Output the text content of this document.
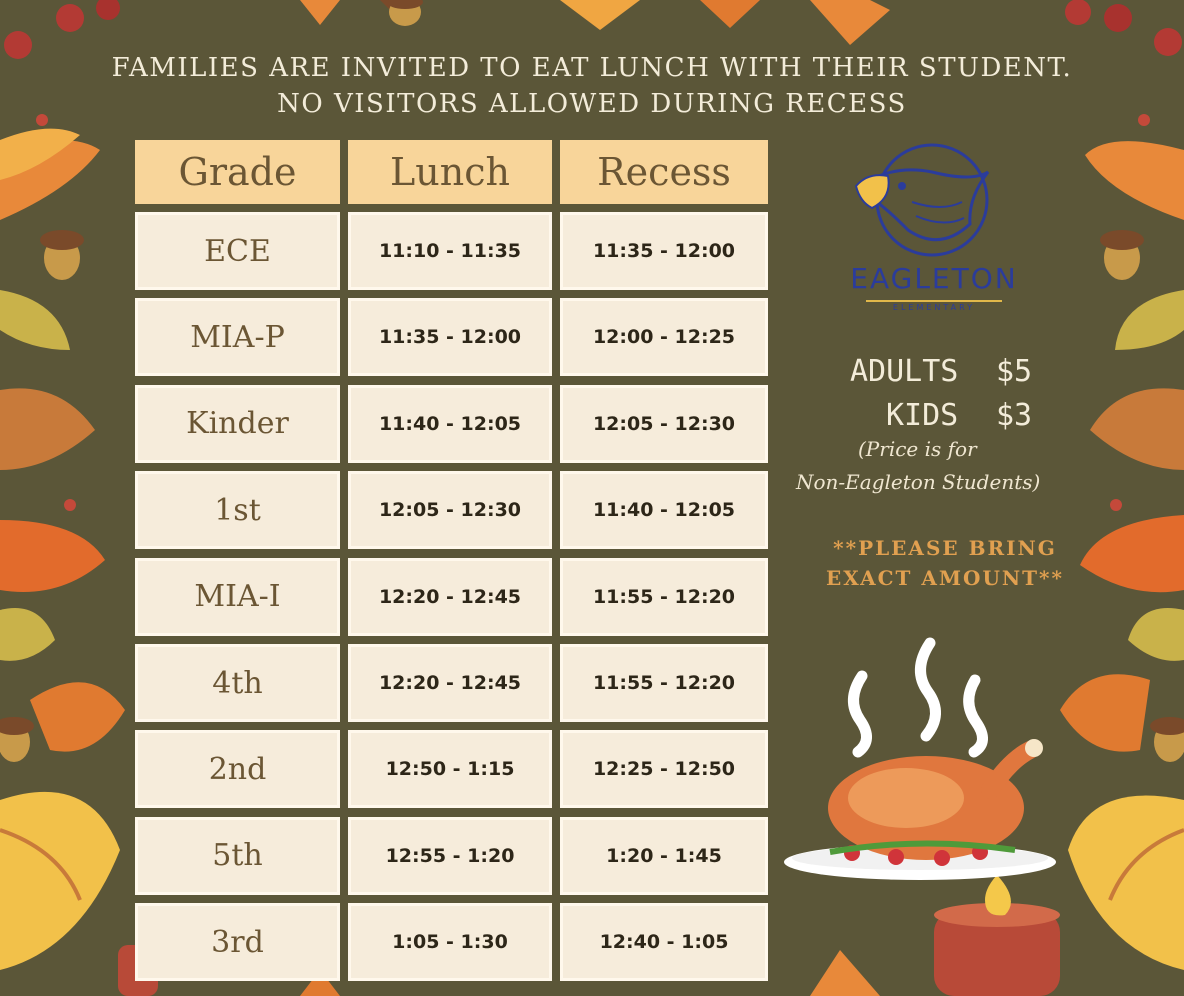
FAMILIES ARE INVITED TO EAT LUNCH WITH THEIR STUDENT. NO VISITORS ALLOWED DURING RECESS
Grade	Lunch	Recess
ECE	11:10 - 11:35	11:35 - 12:00
MIA-P	11:35 - 12:00	12:00 - 12:25
Kinder	11:40 - 12:05	12:05 - 12:30
1st	12:05 - 12:30	11:40 - 12:05
MIA-I	12:20 - 12:45	11:55 - 12:20
4th	12:20 - 12:45	11:55 - 12:20
2nd	12:50 - 1:15	12:25 - 12:50
5th	12:55 - 1:20	1:20 - 1:45
3rd	1:05 - 1:30	12:40 - 1:05
EAGLETON
ELEMENTARY
ADULTS $5
KIDS $3
(Price is for
Non-Eagleton Students)
**PLEASE BRING
EXACT AMOUNT**
